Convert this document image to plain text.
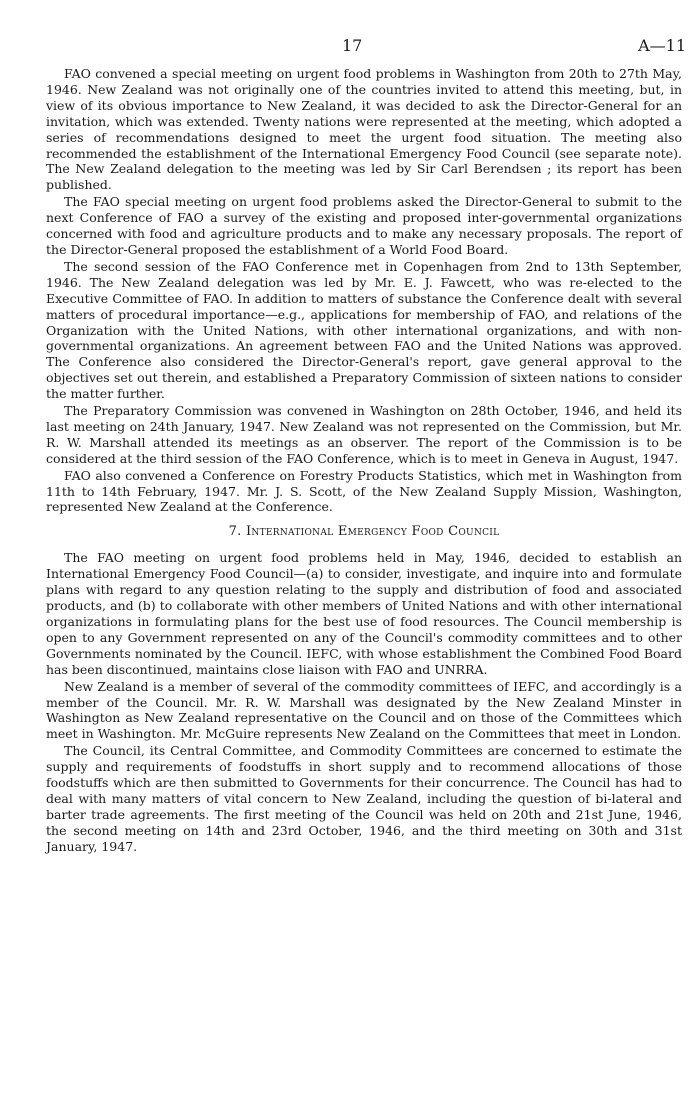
17	A—11

FAO convened a special meeting on urgent food problems in Washington from 20th to 27th May, 1946. New Zealand was not originally one of the countries invited to attend this meeting, but, in view of its obvious importance to New Zealand, it was decided to ask the Director-General for an invitation, which was extended. Twenty nations were represented at the meeting, which adopted a series of recommendations designed to meet the urgent food situation. The meeting also recommended the establishment of the International Emergency Food Council (see separate note). The New Zealand delegation to the meeting was led by Sir Carl Berendsen ; its report has been published.

The FAO special meeting on urgent food problems asked the Director-General to submit to the next Conference of FAO a survey of the existing and proposed inter-governmental organizations concerned with food and agriculture products and to make any necessary proposals. The report of the Director-General proposed the establishment of a World Food Board.

The second session of the FAO Conference met in Copenhagen from 2nd to 13th September, 1946. The New Zealand delegation was led by Mr. E. J. Fawcett, who was re-elected to the Executive Committee of FAO. In addition to matters of substance the Conference dealt with several matters of procedural importance—e.g., applications for membership of FAO, and relations of the Organization with the United Nations, with other international organizations, and with non-governmental organizations. An agreement between FAO and the United Nations was approved. The Conference also considered the Director-General's report, gave general approval to the objectives set out therein, and established a Preparatory Commission of sixteen nations to consider the matter further.

The Preparatory Commission was convened in Washington on 28th October, 1946, and held its last meeting on 24th January, 1947. New Zealand was not represented on the Commission, but Mr. R. W. Marshall attended its meetings as an observer. The report of the Commission is to be considered at the third session of the FAO Conference, which is to meet in Geneva in August, 1947.

FAO also convened a Conference on Forestry Products Statistics, which met in Washington from 11th to 14th February, 1947. Mr. J. S. Scott, of the New Zealand Supply Mission, Washington, represented New Zealand at the Conference.

7. International Emergency Food Council

The FAO meeting on urgent food problems held in May, 1946, decided to establish an International Emergency Food Council—(a) to consider, investigate, and inquire into and formulate plans with regard to any question relating to the supply and distribution of food and associated products, and (b) to collaborate with other members of United Nations and with other international organizations in formulating plans for the best use of food resources. The Council membership is open to any Government represented on any of the Council's commodity committees and to other Governments nominated by the Council. IEFC, with whose establishment the Combined Food Board has been discontinued, maintains close liaison with FAO and UNRRA.

New Zealand is a member of several of the commodity committees of IEFC, and accordingly is a member of the Council. Mr. R. W. Marshall was designated by the New Zealand Minster in Washington as New Zealand representative on the Council and on those of the Committees which meet in Washington. Mr. McGuire represents New Zealand on the Committees that meet in London.

The Council, its Central Committee, and Commodity Committees are concerned to estimate the supply and requirements of foodstuffs in short supply and to recommend allocations of those foodstuffs which are then submitted to Governments for their concurrence. The Council has had to deal with many matters of vital concern to New Zealand, including the question of bi-lateral and barter trade agreements. The first meeting of the Council was held on 20th and 21st June, 1946, the second meeting on 14th and 23rd October, 1946, and the third meeting on 30th and 31st January, 1947.
